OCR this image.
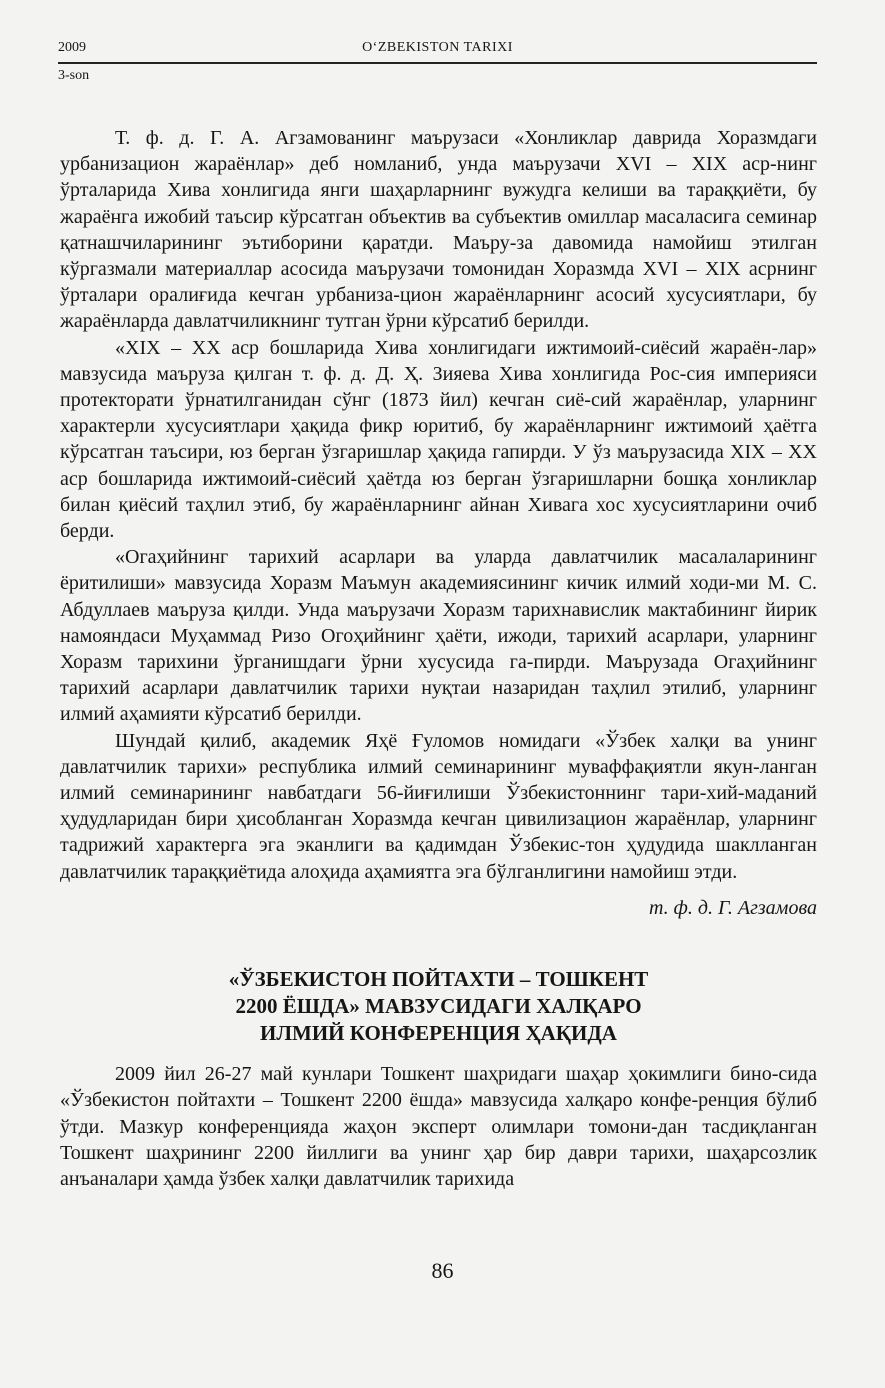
2009	O‘ZBEKISTON TARIXI
3-son

Т. ф. д. Г. А. Агзамованинг маърузаси «Хонликлар даврида Хоразмдаги урбанизацион жараёнлар» деб номланиб, унда маърузачи XVI – XIX аср-нинг ўрталарида Хива хонлигида янги шаҳарларнинг вужудга келиши ва тараққиёти, бу жараёнга ижобий таъсир кўрсатган объектив ва субъектив омиллар масаласига семинар қатнашчиларининг эътиборини қаратди. Маъру-за давомида намойиш этилган кўргазмали материаллар асосида маърузачи томонидан Хоразмда XVI – XIX асрнинг ўрталари оралиғида кечган урбаниза-цион жараёнларнинг асосий хусусиятлари, бу жараёнларда давлатчиликнинг тутган ўрни кўрсатиб берилди.

«XIX – XX аср бошларида Хива хонлигидаги ижтимоий-сиёсий жараён-лар» мавзусида маъруза қилган т. ф. д. Д. Ҳ. Зияева Хива хонлигида Рос-сия империяси протекторати ўрнатилганидан сўнг (1873 йил) кечган сиё-сий жараёнлар, уларнинг характерли хусусиятлари ҳақида фикр юритиб, бу жараёнларнинг ижтимоий ҳаётга кўрсатган таъсири, юз берган ўзгаришлар ҳақида гапирди. У ўз маърузасида XIX – XX аср бошларида ижтимоий-сиёсий ҳаётда юз берган ўзгаришларни бошқа хонликлар билан қиёсий таҳлил этиб, бу жараёнларнинг айнан Хивага хос хусусиятларини очиб берди.

«Огаҳийнинг тарихий асарлари ва уларда давлатчилик масалаларининг ёритилиши» мавзусида Хоразм Маъмун академиясининг кичик илмий ходи-ми М. С. Абдуллаев маъруза қилди. Унда маърузачи Хоразм тарихнавислик мактабининг йирик намояндаси Муҳаммад Ризо Огоҳийнинг ҳаёти, ижоди, тарихий асарлари, уларнинг Хоразм тарихини ўрганишдаги ўрни хусусида га-пирди. Маърузада Огаҳийнинг тарихий асарлари давлатчилик тарихи нуқтаи назаридан таҳлил этилиб, уларнинг илмий аҳамияти кўрсатиб берилди.

Шундай қилиб, академик Яҳё Ғуломов номидаги «Ўзбек халқи ва унинг давлатчилик тарихи» республика илмий семинарининг муваффақиятли якун-ланган илмий семинарининг навбатдаги 56-йиғилиши Ўзбекистоннинг тари-хий-маданий ҳудудларидан бири ҳисобланган Хоразмда кечган цивилизацион жараёнлар, уларнинг тадрижий характерга эга эканлиги ва қадимдан Ўзбекис-тон ҳудудида шаклланган давлатчилик тараққиётида алоҳида аҳамиятга эга бўлганлигини намойиш этди.

т. ф. д. Г. Агзамова
«ЎЗБЕКИСТОН ПОЙТАХТИ – ТОШКЕНТ
2200 ЁШДА» МАВЗУСИДАГИ ХАЛҚАРО
ИЛМИЙ КОНФЕРЕНЦИЯ ҲАҚИДА

2009 йил 26-27 май кунлари Тошкент шаҳридаги шаҳар ҳокимлиги бино-сида «Ўзбекистон пойтахти – Тошкент 2200 ёшда» мавзусида халқаро конфе-ренция бўлиб ўтди. Мазкур конференцияда жаҳон эксперт олимлари томони-дан тасдиқланган Тошкент шаҳрининг 2200 йиллиги ва унинг ҳар бир даври тарихи, шаҳарсозлик анъаналари ҳамда ўзбек халқи давлатчилик тарихида

86
